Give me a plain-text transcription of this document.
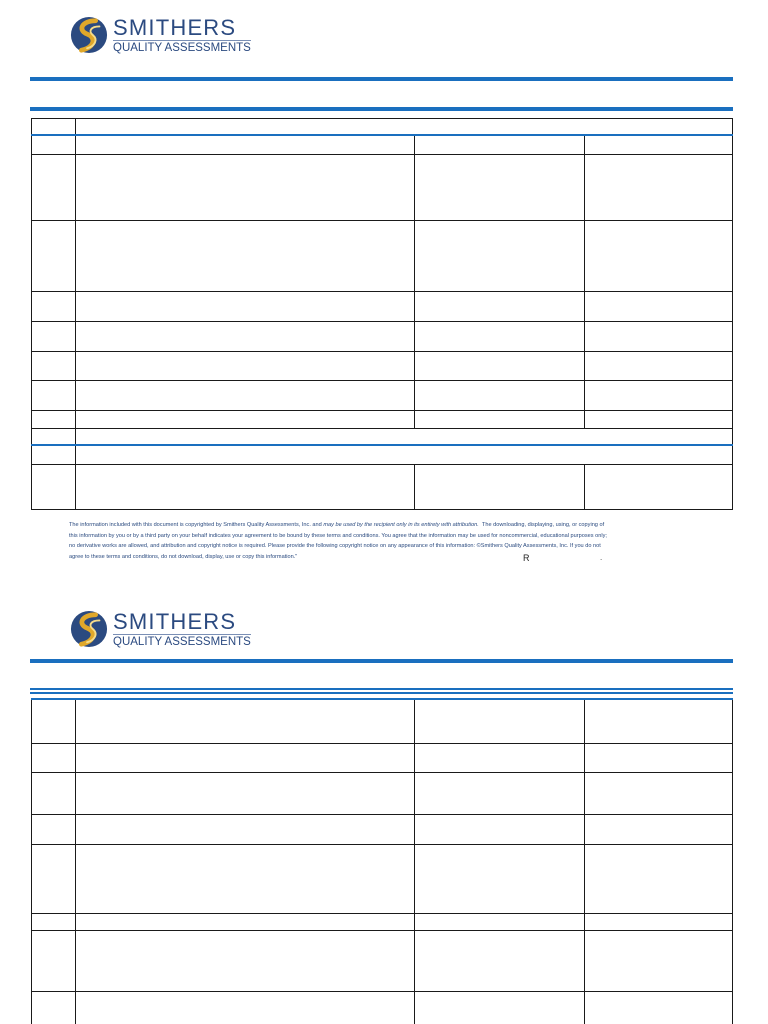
SMITHERS
QUALITY ASSESSMENTS

The information included with this document is copyrighted by Smithers Quality Assessments, Inc. and may be used by the recipient only in its entirety with attribution. The downloading, displaying, using, or copying of
this information by you or by a third party on your behalf indicates your agreement to be bound by these terms and conditions. You agree that the information may be used for noncommercial, educational purposes only;
no derivative works are allowed, and attribution and copyright notice is required. Please provide the following copyright notice on any appearance of this information: ©Smithers Quality Assessments, Inc. If you do not
agree to these terms and conditions, do not download, display, use or copy this information."	R	.
SMITHERS
QUALITY ASSESSMENTS
